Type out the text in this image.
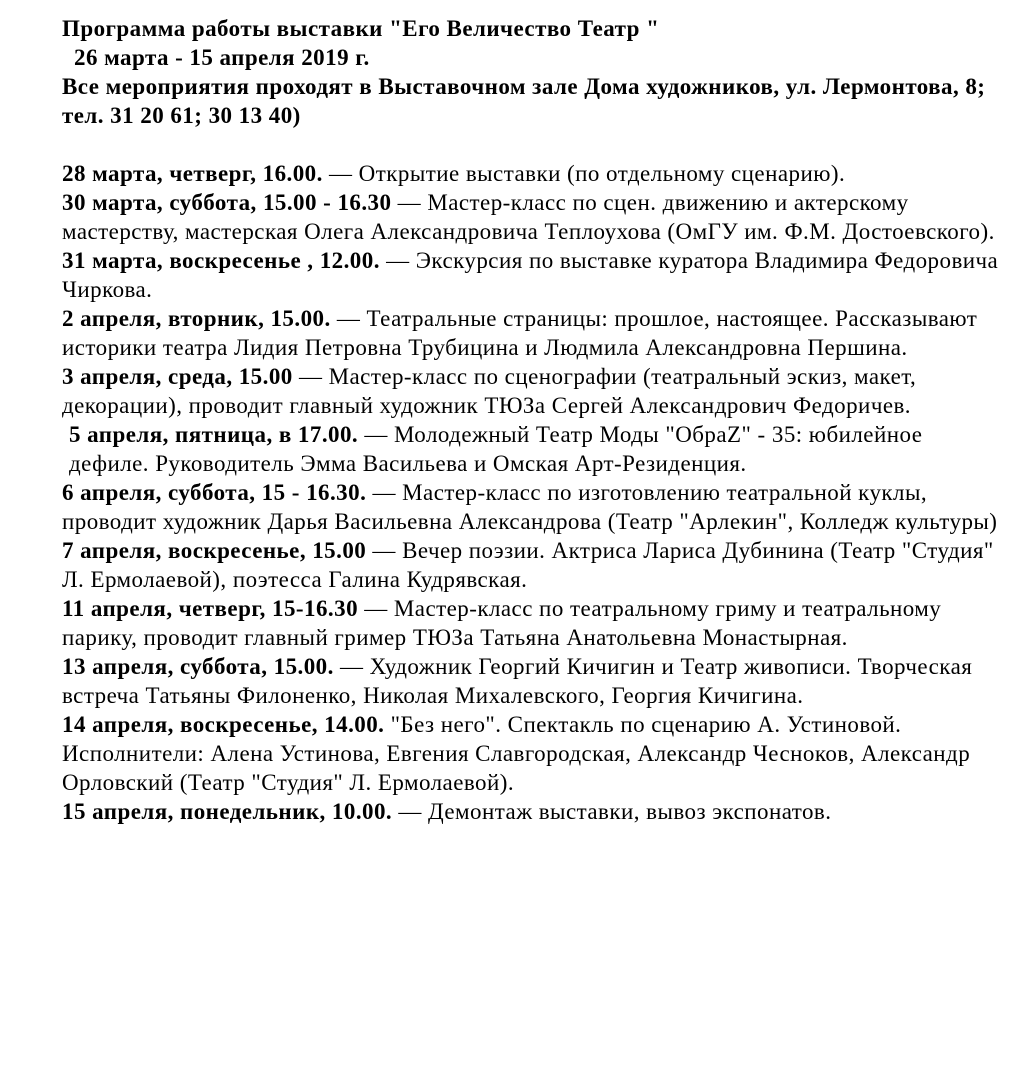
Программа работы выставки "Его Величество Театр "
26 марта - 15 апреля 2019 г.
Все мероприятия проходят в Выставочном зале Дома художников, ул. Лермонтова, 8; тел. 31 20 61; 30 13 40)
28 марта, четверг, 16.00. — Открытие выставки (по отдельному сценарию).
30 марта, суббота, 15.00 - 16.30 — Мастер-класс по сцен. движению и актерскому мастерству, мастерская Олега Александровича Теплоухова (ОмГУ им. Ф.М. Достоевского).
31 марта, воскресенье , 12.00. — Экскурсия по выставке куратора Владимира Федоровича Чиркова.
2 апреля, вторник, 15.00. — Театральные страницы: прошлое, настоящее. Рассказывают историки театра Лидия Петровна Трубицина и Людмила Александровна Першина.
3 апреля, среда, 15.00 — Мастер-класс по сценографии (театральный эскиз, макет, декорации), проводит главный художник ТЮЗа Сергей Александрович Федоричев.
5 апреля, пятница, в 17.00. — Молодежный Театр Моды "ОбраZ" - 35: юбилейное дефиле. Руководитель Эмма Васильева и Омская Арт-Резиденция.
6 апреля, суббота, 15 - 16.30. — Мастер-класс по изготовлению театральной куклы, проводит художник Дарья Васильевна Александрова (Театр "Арлекин", Колледж культуры)
7 апреля, воскресенье, 15.00 — Вечер поэзии. Актриса Лариса Дубинина (Театр "Студия" Л. Ермолаевой), поэтесса Галина Кудрявская.
11 апреля, четверг, 15-16.30 — Мастер-класс по театральному гриму и театральному парику, проводит главный гример ТЮЗа Татьяна Анатольевна Монастырная.
13 апреля, суббота, 15.00. — Художник Георгий Кичигин и Театр живописи. Творческая встреча Татьяны Филоненко, Николая Михалевского, Георгия Кичигина.
14 апреля, воскресенье, 14.00. "Без него". Спектакль по сценарию А. Устиновой. Исполнители: Алена Устинова, Евгения Славгородская, Александр Чесноков, Александр Орловский (Театр "Студия" Л. Ермолаевой).
15 апреля, понедельник, 10.00. — Демонтаж выставки, вывоз экспонатов.
